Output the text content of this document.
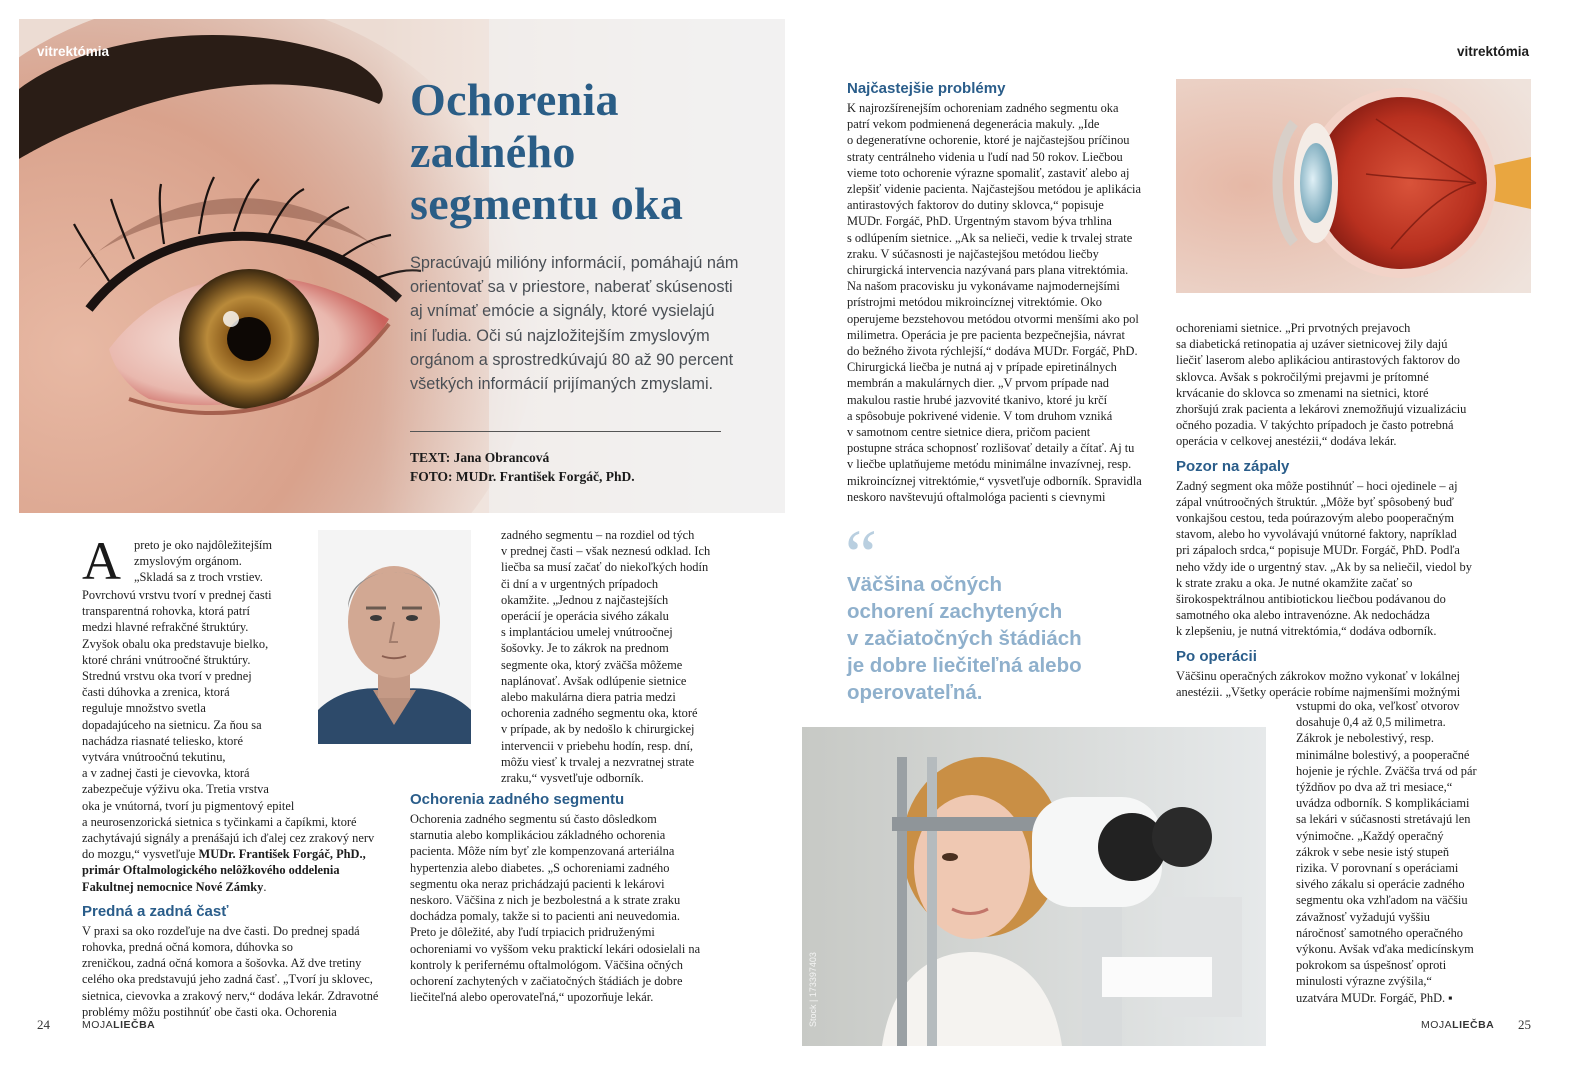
vitrektómia
Ochorenia
zadného
segmentu oka
Spracúvajú milióny informácií, pomáhajú nám
orientovať sa v priestore, naberať skúsenosti
aj vnímať emócie a signály, ktoré vysielajú
iní ľudia. Oči sú najzložitejším zmyslovým
orgánom a sprostredkúvajú 80 až 90 percent
všetkých informácií prijímaných zmyslami.
TEXT: Jana Obrancová
FOTO: MUDr. František Forgáč, PhD.
A preto je oko najdôležitejším
zmyslovým orgánom.
„Skladá sa z troch vrstiev.
Povrchovú vrstvu tvorí v prednej časti
transparentná rohovka, ktorá patrí
medzi hlavné refrakčné štruktúry.
Zvyšok obalu oka predstavuje bielko,
ktoré chráni vnútroočné štruktúry.
Strednú vrstvu oka tvorí v prednej
časti dúhovka a zrenica, ktorá
reguluje množstvo svetla
dopadajúceho na sietnicu. Za ňou sa
nachádza riasnaté teliesko, ktoré
vytvára vnútroočnú tekutinu,
a v zadnej časti je cievovka, ktorá
zabezpečuje výživu oka. Tretia vrstva
oka je vnútorná, tvorí ju pigmentový epitel
a neurosenzorická sietnica s tyčinkami a čapíkmi, ktoré
zachytávajú signály a prenášajú ich ďalej cez zrakový nerv
do mozgu,“ vysvetľuje MUDr. František Forgáč, PhD.,
primár Oftalmologického nelôžkového oddelenia
Fakultnej nemocnice Nové Zámky.
Predná a zadná časť
V praxi sa oko rozdeľuje na dve časti. Do prednej spadá
rohovka, predná očná komora, dúhovka so
zreničkou, zadná očná komora a šošovka. Až dve tretiny
celého oka predstavujú jeho zadná časť. „Tvorí ju sklovec,
sietnica, cievovka a zrakový nerv,“ dodáva lekár. Zdravotné
problémy môžu postihnúť obe časti oka. Ochorenia
zadného segmentu – na rozdiel od tých
v prednej časti – však neznesú odklad. Ich
liečba sa musí začať do niekoľkých hodín
či dní a v urgentných prípadoch
okamžite. „Jednou z najčastejších
operácií je operácia sivého zákalu
s implantáciou umelej vnútroočnej
šošovky. Je to zákrok na prednom
segmente oka, ktorý zväčša môžeme
naplánovať. Avšak odlúpenie sietnice
alebo makulárna diera patria medzi
ochorenia zadného segmentu oka, ktoré
v prípade, ak by nedošlo k chirurgickej
intervencii v priebehu hodín, resp. dní,
môžu viesť k trvalej a nezvratnej strate
zraku,“ vysvetľuje odborník.
Ochorenia zadného segmentu
Ochorenia zadného segmentu sú často dôsledkom
starnutia alebo komplikáciou základného ochorenia
pacienta. Môže ním byť zle kompenzovaná arteriálna
hypertenzia alebo diabetes. „S ochoreniami zadného
segmentu oka neraz prichádzajú pacienti k lekárovi
neskoro. Väčšina z nich je bezbolestná a k strate zraku
dochádza pomaly, takže si to pacienti ani neuvedomia.
Preto je dôležité, aby ľudí trpiacich pridruženými
ochoreniami vo vyššom veku praktickí lekári odosielali na
kontroly k perifernému oftalmológom. Väčšina očných
ochorení zachytených v začiatočných štádiách je dobre
liečiteľná alebo operovateľná,“ upozorňuje lekár.
24	MOJALIEČBA
vitrektómia
Najčastejšie problémy
K najrozšírenejším ochoreniam zadného segmentu oka
patrí vekom podmienená degenerácia makuly. „Ide
o degeneratívne ochorenie, ktoré je najčastejšou príčinou
straty centrálneho videnia u ľudí nad 50 rokov. Liečbou
vieme toto ochorenie výrazne spomaliť, zastaviť alebo aj
zlepšiť videnie pacienta. Najčastejšou metódou je aplikácia
antirastových faktorov do dutiny sklovca,“ popisuje
MUDr. Forgáč, PhD. Urgentným stavom býva trhlina
s odlúpením sietnice. „Ak sa nelieči, vedie k trvalej strate
zraku. V súčasnosti je najčastejšou metódou liečby
chirurgická intervencia nazývaná pars plana vitrektómia.
Na našom pracovisku ju vykonávame najmodernejšími
prístrojmi metódou mikroincíznej vitrektómie. Oko
operujeme bezstehovou metódou otvormi menšími ako pol
milimetra. Operácia je pre pacienta bezpečnejšia, návrat
do bežného života rýchlejší,“ dodáva MUDr. Forgáč, PhD.
Chirurgická liečba je nutná aj v prípade epiretinálnych
membrán a makulárnych dier. „V prvom prípade nad
makulou rastie hrubé jazvovité tkanivo, ktoré ju krčí
a spôsobuje pokrivené videnie. V tom druhom vzniká
v samotnom centre sietnice diera, pričom pacient
postupne stráca schopnosť rozlišovať detaily a čítať. Aj tu
v liečbe uplatňujeme metódu minimálne invazívnej, resp.
mikroincíznej vitrektómie,“ vysvetľuje odborník. Spravidla
neskoro navštevujú oftalmológa pacienti s cievnymi
“
Väčšina očných
ochorení zachytených
v začiatočných štádiách
je dobre liečiteľná alebo
operovateľná.
Stock | 173397403
ochoreniami sietnice. „Pri prvotných prejavoch
sa diabetická retinopatia aj uzáver sietnicovej žily dajú
liečiť laserom alebo aplikáciou antirastových faktorov do
sklovca. Avšak s pokročilými prejavmi je prítomné
krvácanie do sklovca so zmenami na sietnici, ktoré
zhoršujú zrak pacienta a lekárovi znemožňujú vizualizáciu
očného pozadia. V takýchto prípadoch je často potrebná
operácia v celkovej anestézii,“ dodáva lekár.
Pozor na zápaly
Zadný segment oka môže postihnúť – hoci ojedinele – aj
zápal vnútroočných štruktúr. „Môže byť spôsobený buď
vonkajšou cestou, teda poúrazovým alebo pooperačným
stavom, alebo ho vyvolávajú vnútorné faktory, napríklad
pri zápaloch srdca,“ popisuje MUDr. Forgáč, PhD. Podľa
neho vždy ide o urgentný stav. „Ak by sa neliečil, viedol by
k strate zraku a oka. Je nutné okamžite začať so
širokospektrálnou antibiotickou liečbou podávanou do
samotného oka alebo intravenózne. Ak nedochádza
k zlepšeniu, je nutná vitrektómia,“ dodáva odborník.
Po operácii
Väčšinu operačných zákrokov možno vykonať v lokálnej
anestézii. „Všetky operácie robíme najmenšími možnými
vstupmi do oka, veľkosť otvorov
dosahuje 0,4 až 0,5 milimetra.
Zákrok je nebolestivý, resp.
minimálne bolestivý, a pooperačné
hojenie je rýchle. Zväčša trvá od pár
týždňov po dva až tri mesiace,“
uvádza odborník. S komplikáciami
sa lekári v súčasnosti stretávajú len
výnimočne. „Každý operačný
zákrok v sebe nesie istý stupeň
rizika. V porovnaní s operáciami
sivého zákalu si operácie zadného
segmentu oka vzhľadom na väčšiu
závažnosť vyžadujú vyššiu
náročnosť samotného operačného
výkonu. Avšak vďaka medicínskym
pokrokom sa úspešnosť oproti
minulosti výrazne zvýšila,“
uzatvára MUDr. Forgáč, PhD. ▪
MOJALIEČBA 25
